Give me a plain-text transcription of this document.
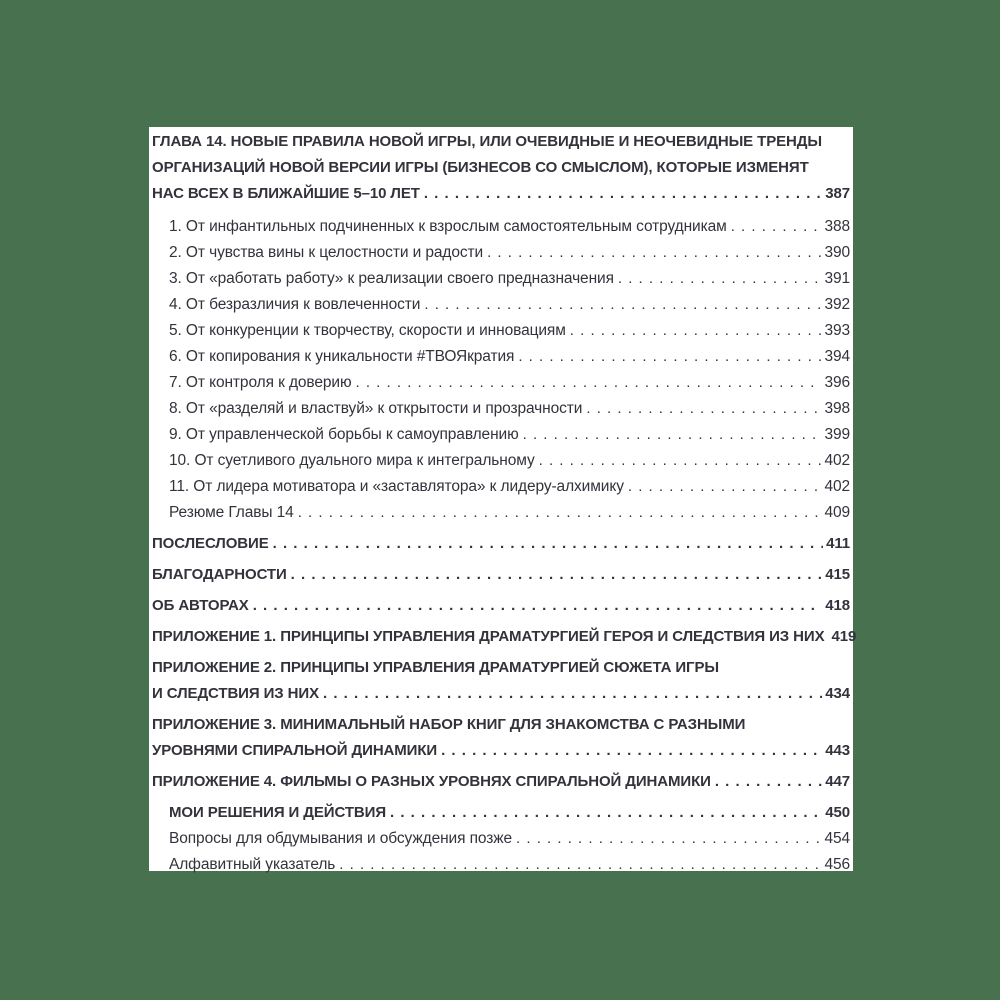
ГЛАВА 14. НОВЫЕ ПРАВИЛА НОВОЙ ИГРЫ, ИЛИ ОЧЕВИДНЫЕ И НЕОЧЕВИДНЫЕ ТРЕНДЫ
ОРГАНИЗАЦИЙ НОВОЙ ВЕРСИИ ИГРЫ (БИЗНЕСОВ СО СМЫСЛОМ), КОТОРЫЕ ИЗМЕНЯТ
НАС ВСЕХ В БЛИЖАЙШИЕ 5–10 ЛЕТ . . .	387
1. От инфантильных подчиненных к взрослым самостоятельным сотрудникам . . .	388
2. От чувства вины к целостности и радости . . .	390
3. От «работать работу» к реализации своего предназначения . . .	391
4. От безразличия к вовлеченности . . .	392
5. От конкуренции к творчеству, скорости и инновациям . . .	393
6. От копирования к уникальности #ТВОЯкратия . . .	394
7. От контроля к доверию . . .	396
8. От «разделяй и властвуй» к открытости и прозрачности . . .	398
9. От управленческой борьбы к самоуправлению . . .	399
10. От суетливого дуального мира к интегральному . . .	402
11. От лидера мотиватора и «заставлятора» к лидеру-алхимику . . .	402
Резюме Главы 14 . . .	409
ПОСЛЕСЛОВИЕ . . .	411
БЛАГОДАРНОСТИ . . .	415
ОБ АВТОРАХ . . .	418
ПРИЛОЖЕНИЕ 1. ПРИНЦИПЫ УПРАВЛЕНИЯ ДРАМАТУРГИЕЙ ГЕРОЯ И СЛЕДСТВИЯ ИЗ НИХ 419
ПРИЛОЖЕНИЕ 2. ПРИНЦИПЫ УПРАВЛЕНИЯ ДРАМАТУРГИЕЙ СЮЖЕТА ИГРЫ
И СЛЕДСТВИЯ ИЗ НИХ . . .	434
ПРИЛОЖЕНИЕ 3. МИНИМАЛЬНЫЙ НАБОР КНИГ ДЛЯ ЗНАКОМСТВА С РАЗНЫМИ
УРОВНЯМИ СПИРАЛЬНОЙ ДИНАМИКИ . . .	443
ПРИЛОЖЕНИЕ 4. ФИЛЬМЫ О РАЗНЫХ УРОВНЯХ СПИРАЛЬНОЙ ДИНАМИКИ . . .	447
МОИ РЕШЕНИЯ И ДЕЙСТВИЯ . . .	450
Вопросы для обдумывания и обсуждения позже . . .	454
Алфавитный указатель . . .	456
